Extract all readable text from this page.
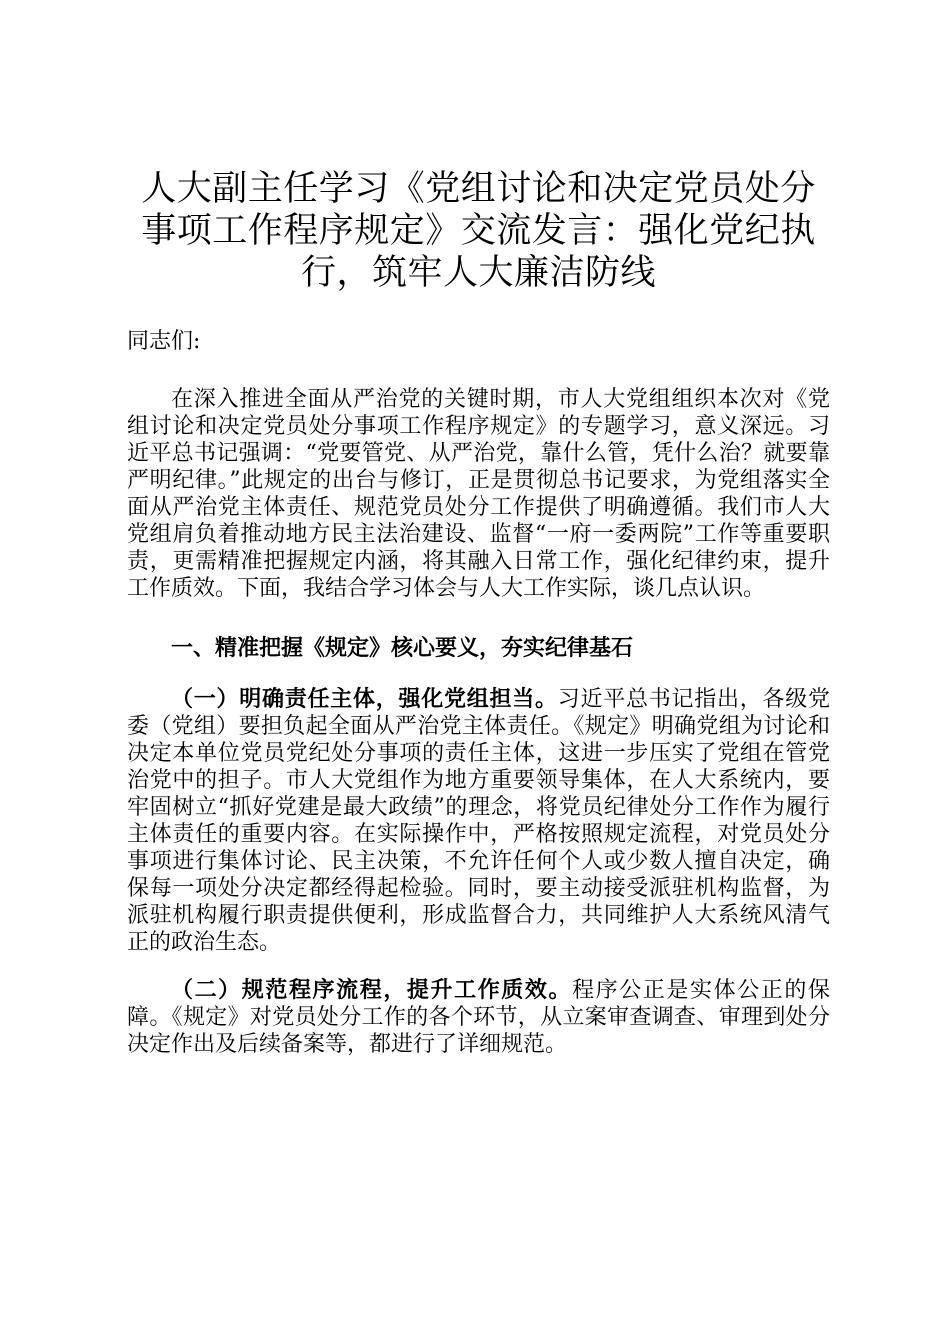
人大副主任学习《党组讨论和决定党员处分事项工作程序规定》交流发言：强化党纪执行，筑牢人大廉洁防线

同志们:

在深入推进全面从严治党的关键时期，市人大党组组织本次对《党组讨论和决定党员处分事项工作程序规定》的专题学习，意义深远。习近平总书记强调：“党要管党、从严治党，靠什么管，凭什么治？就要靠严明纪律。”此规定的出台与修订，正是贯彻总书记要求，为党组落实全面从严治党主体责任、规范党员处分工作提供了明确遵循。我们市人大党组肩负着推动地方民主法治建设、监督“一府一委两院”工作等重要职责，更需精准把握规定内涵，将其融入日常工作，强化纪律约束，提升工作质效。下面，我结合学习体会与人大工作实际，谈几点认识。

一、精准把握《规定》核心要义，夯实纪律基石

（一）明确责任主体，强化党组担当。习近平总书记指出，各级党委（党组）要担负起全面从严治党主体责任。《规定》明确党组为讨论和决定本单位党员党纪处分事项的责任主体，这进一步压实了党组在管党治党中的担子。市人大党组作为地方重要领导集体，在人大系统内，要牢固树立“抓好党建是最大政绩”的理念，将党员纪律处分工作作为履行主体责任的重要内容。在实际操作中，严格按照规定流程，对党员处分事项进行集体讨论、民主决策，不允许任何个人或少数人擅自决定，确保每一项处分决定都经得起检验。同时，要主动接受派驻机构监督，为派驻机构履行职责提供便利，形成监督合力，共同维护人大系统风清气正的政治生态。

（二）规范程序流程，提升工作质效。程序公正是实体公正的保障。《规定》对党员处分工作的各个环节，从立案审查调查、审理到处分决定作出及后续备案等，都进行了详细规范。
